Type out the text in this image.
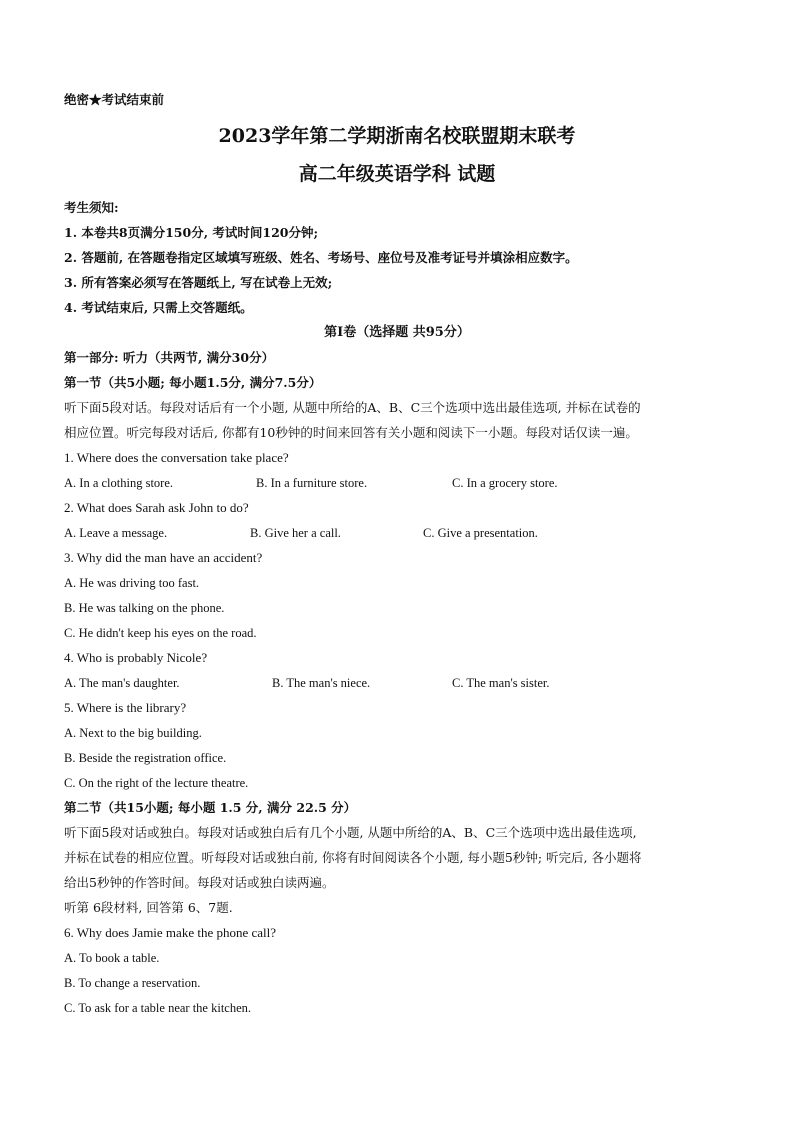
绝密★考试结束前
2023学年第二学期浙南名校联盟期末联考
高二年级英语学科 试题
考生须知:
1. 本卷共8页满分150分, 考试时间120分钟;
2. 答题前, 在答题卷指定区域填写班级、姓名、考场号、座位号及准考证号并填涂相应数字。
3. 所有答案必须写在答题纸上, 写在试卷上无效;
4. 考试结束后, 只需上交答题纸。
第I卷（选择题 共95分）
第一部分: 听力（共两节, 满分30分）
第一节（共5小题; 每小题1.5分, 满分7.5分）
听下面5段对话。每段对话后有一个小题, 从题中所给的A、B、C三个选项中选出最佳选项, 并标在试卷的
相应位置。听完每段对话后, 你都有10秒钟的时间来回答有关小题和阅读下一小题。每段对话仅读一遍。
1. Where does the conversation take place?
A. In a clothing store.	B. In a furniture store.	C. In a grocery store.
2. What does Sarah ask John to do?
A. Leave a message.	B. Give her a call.	C. Give a presentation.
3. Why did the man have an accident?
A. He was driving too fast.
B. He was talking on the phone.
C. He didn't keep his eyes on the road.
4. Who is probably Nicole?
A. The man's daughter.	B. The man's niece.	C. The man's sister.
5. Where is the library?
A. Next to the big building.
B. Beside the registration office.
C. On the right of the lecture theatre.
第二节（共15小题; 每小题 1.5 分, 满分 22.5 分）
听下面5段对话或独白。每段对话或独白后有几个小题, 从题中所给的A、B、C三个选项中选出最佳选项,
并标在试卷的相应位置。听每段对话或独白前, 你将有时间阅读各个小题, 每小题5秒钟; 听完后, 各小题将
给出5秒钟的作答时间。每段对话或独白读两遍。
听第 6段材料, 回答第 6、7题.
6. Why does Jamie make the phone call?
A. To book a table.
B. To change a reservation.
C. To ask for a table near the kitchen.
